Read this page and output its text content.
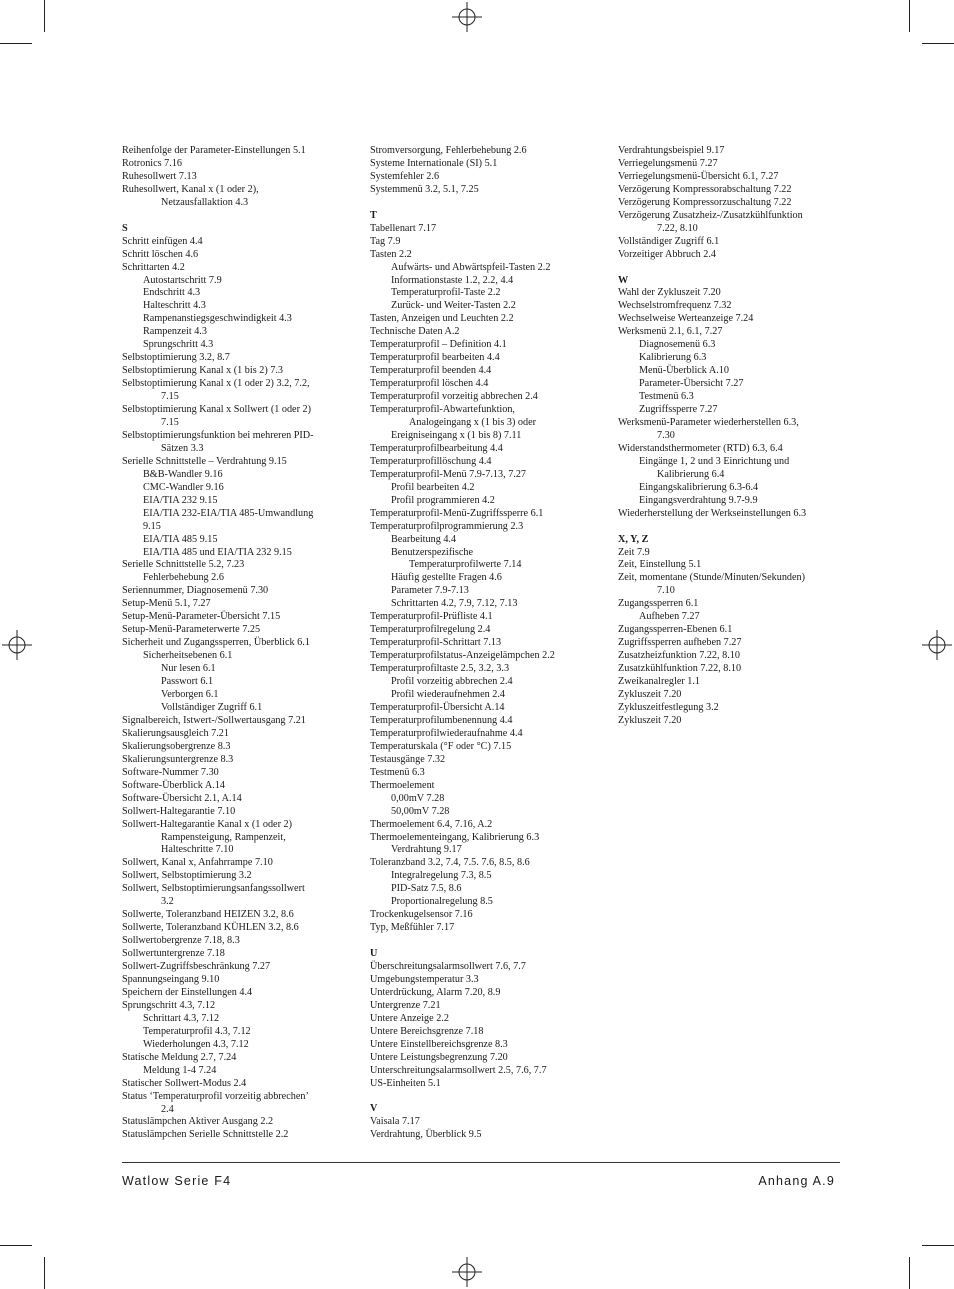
Reihenfolge der Parameter-Einstellungen 5.1
Rotronics 7.16
Ruhesollwert 7.13
Ruhesollwert, Kanal x (1 oder 2),
Netzausfallaktion 4.3
S
Schritt einfügen 4.4
Schritt löschen 4.6
Schrittarten 4.2
Autostartschritt 7.9
Endschritt 4.3
Halteschritt 4.3
Rampenanstiegsgeschwindigkeit 4.3
Rampenzeit 4.3
Sprungschritt 4.3
Selbstoptimierung 3.2, 8.7
Selbstoptimierung Kanal x (1 bis 2) 7.3
Selbstoptimierung Kanal x (1 oder 2) 3.2, 7.2,
7.15
Selbstoptimierung Kanal x Sollwert (1 oder 2)
7.15
Selbstoptimierungsfunktion bei mehreren PID-
Sätzen 3.3
Serielle Schnittstelle – Verdrahtung 9.15
B&B-Wandler 9.16
CMC-Wandler 9.16
EIA/TIA 232 9.15
EIA/TIA 232-EIA/TIA 485-Umwandlung
9.15
EIA/TIA 485 9.15
EIA/TIA 485 und EIA/TIA 232 9.15
Serielle Schnittstelle 5.2, 7.23
Fehlerbehebung 2.6
Seriennummer, Diagnosemenü 7.30
Setup-Menü 5.1, 7.27
Setup-Menü-Parameter-Übersicht 7.15
Setup-Menü-Parameterwerte 7.25
Sicherheit und Zugangssperren, Überblick 6.1
Sicherheitsebenen 6.1
Nur lesen 6.1
Passwort 6.1
Verborgen 6.1
Vollständiger Zugriff 6.1
Signalbereich, Istwert-/Sollwertausgang 7.21
Skalierungsausgleich 7.21
Skalierungsobergrenze 8.3
Skalierungsuntergrenze 8.3
Software-Nummer 7.30
Software-Überblick A.14
Software-Übersicht 2.1, A.14
Sollwert-Haltegarantie 7.10
Sollwert-Haltegarantie Kanal x (1 oder 2)
Rampensteigung, Rampenzeit,
Halteschritte 7.10
Sollwert, Kanal x, Anfahrrampe 7.10
Sollwert, Selbstoptimierung 3.2
Sollwert, Selbstoptimierungsanfangssollwert
3.2
Sollwerte, Toleranzband HEIZEN 3.2, 8.6
Sollwerte, Toleranzband KÜHLEN 3.2, 8.6
Sollwertobergrenze 7.18, 8.3
Sollwertuntergrenze 7.18
Sollwert-Zugriffsbeschränkung 7.27
Spannungseingang 9.10
Speichern der Einstellungen 4.4
Sprungschritt 4.3, 7.12
Schrittart 4.3, 7.12
Temperaturprofil 4.3, 7.12
Wiederholungen 4.3, 7.12
Statische Meldung 2.7, 7.24
Meldung 1-4 7.24
Statischer Sollwert-Modus 2.4
Status ‘Temperaturprofil vorzeitig abbrechen’
2.4
Statuslämpchen Aktiver Ausgang 2.2
Statuslämpchen Serielle Schnittstelle 2.2
Stromversorgung, Fehlerbehebung 2.6
Systeme Internationale (SI) 5.1
Systemfehler 2.6
Systemmenü 3.2, 5.1, 7.25
T
Tabellenart 7.17
Tag 7.9
Tasten 2.2
Aufwärts- und Abwärtspfeil-Tasten 2.2
Informationstaste 1.2, 2.2, 4.4
Temperaturprofil-Taste 2.2
Zurück- und Weiter-Tasten 2.2
Tasten, Anzeigen und Leuchten 2.2
Technische Daten A.2
Temperaturprofil – Definition 4.1
Temperaturprofil bearbeiten 4.4
Temperaturprofil beenden 4.4
Temperaturprofil löschen 4.4
Temperaturprofil vorzeitig abbrechen 2.4
Temperaturprofil-Abwartefunktion,
Analogeingang x (1 bis 3) oder
Ereigniseingang x (1 bis 8) 7.11
Temperaturprofilbearbeitung 4.4
Temperaturprofillöschung 4.4
Temperaturprofil-Menü 7.9-7.13, 7.27
Profil bearbeiten 4.2
Profil programmieren 4.2
Temperaturprofil-Menü-Zugriffssperre 6.1
Temperaturprofilprogrammierung 2.3
Bearbeitung 4.4
Benutzerspezifische
Temperaturprofilwerte 7.14
Häufig gestellte Fragen 4.6
Parameter 7.9-7.13
Schrittarten 4.2, 7.9, 7.12, 7.13
Temperaturprofil-Prüfliste 4.1
Temperaturprofilregelung 2.4
Temperaturprofil-Schrittart 7.13
Temperaturprofilstatus-Anzeigelämpchen 2.2
Temperaturprofiltaste 2.5, 3.2, 3.3
Profil vorzeitig abbrechen 2.4
Profil wiederaufnehmen 2.4
Temperaturprofil-Übersicht A.14
Temperaturprofilumbenennung 4.4
Temperaturprofilwiederaufnahme 4.4
Temperaturskala (°F oder °C) 7.15
Testausgänge 7.32
Testmenü 6.3
Thermoelement
0,00mV 7.28
50,00mV 7.28
Thermoelement 6.4, 7.16, A.2
Thermoelementeingang, Kalibrierung 6.3
Verdrahtung 9.17
Toleranzband 3.2, 7.4, 7.5. 7.6, 8.5, 8.6
Integralregelung 7.3, 8.5
PID-Satz 7.5, 8.6
Proportionalregelung 8.5
Trockenkugelsensor 7.16
Typ, Meßfühler 7.17
U
Überschreitungsalarmsollwert 7.6, 7.7
Umgebungstemperatur 3.3
Unterdrückung, Alarm 7.20, 8.9
Untergrenze 7.21
Untere Anzeige 2.2
Untere Bereichsgrenze 7.18
Untere Einstellbereichsgrenze 8.3
Untere Leistungsbegrenzung 7.20
Unterschreitungsalarmsollwert 2.5, 7.6, 7.7
US-Einheiten 5.1
V
Vaisala 7.17
Verdrahtung, Überblick 9.5
Verdrahtungsbeispiel 9.17
Verriegelungsmenü 7.27
Verriegelungsmenü-Übersicht 6.1, 7.27
Verzögerung Kompressorabschaltung 7.22
Verzögerung Kompressorzuschaltung 7.22
Verzögerung Zusatzheiz-/Zusatzkühlfunktion
7.22, 8.10
Vollständiger Zugriff 6.1
Vorzeitiger Abbruch 2.4
W
Wahl der Zykluszeit 7.20
Wechselstromfrequenz 7.32
Wechselweise Werteanzeige 7.24
Werksmenü 2.1, 6.1, 7.27
Diagnosemenü 6.3
Kalibrierung 6.3
Menü-Überblick A.10
Parameter-Übersicht 7.27
Testmenü 6.3
Zugriffssperre 7.27
Werksmenü-Parameter wiederherstellen 6.3,
7.30
Widerstandsthermometer (RTD) 6.3, 6.4
Eingänge 1, 2 und 3 Einrichtung und
Kalibrierung 6.4
Eingangskalibrierung 6.3-6.4
Eingangsverdrahtung 9.7-9.9
Wiederherstellung der Werkseinstellungen 6.3
X, Y, Z
Zeit 7.9
Zeit, Einstellung 5.1
Zeit, momentane (Stunde/Minuten/Sekunden)
7.10
Zugangssperren 6.1
Aufheben 7.27
Zugangssperren-Ebenen 6.1
Zugriffssperren aufheben 7.27
Zusatzheizfunktion 7.22, 8.10
Zusatzkühlfunktion 7.22, 8.10
Zweikanalregler 1.1
Zykluszeit 7.20
Zykluszeitfestlegung 3.2
Zykluszeit 7.20
Watlow Serie F4	Anhang A.9
